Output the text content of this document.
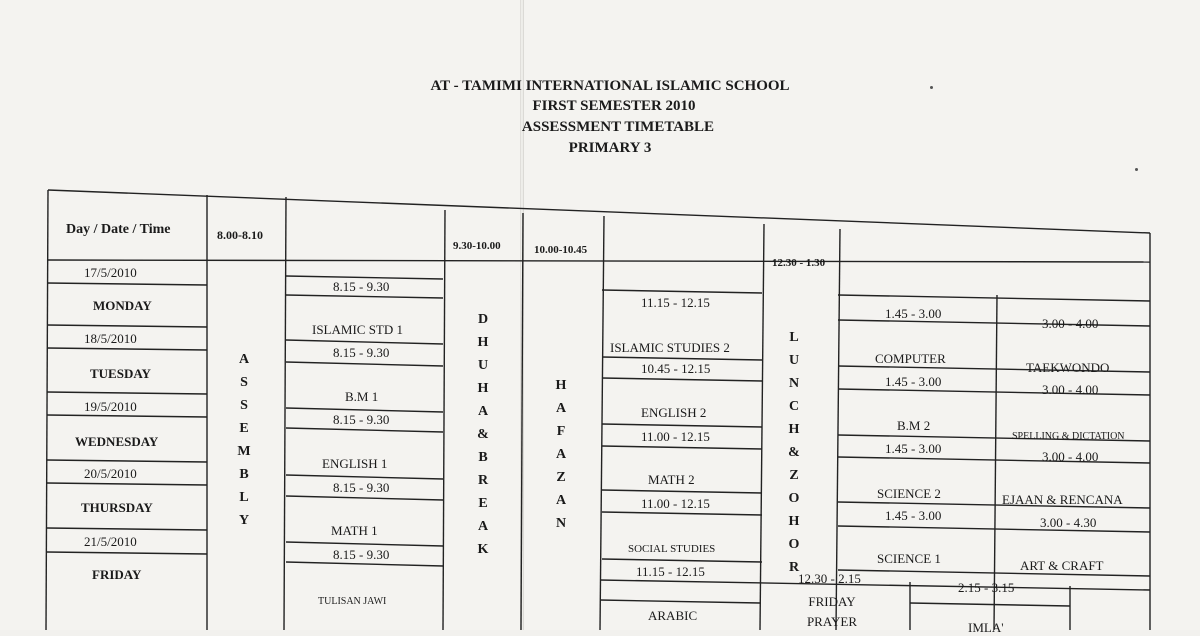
AT - TAMIMI INTERNATIONAL ISLAMIC SCHOOL
FIRST SEMESTER 2010
ASSESSMENT TIMETABLE
PRIMARY 3
Day / Date / Time	8.00-8.10
9.30-10.00	10.00-10.45
12.30 - 1.30
A
S
S
E
M
B
L
Y
D
H
U
H
A
&
B
R
E
A
K
H
A
F
A
Z
A
N
L
U
N
C
H
&
Z
O
H
O
R
17/5/2010
MONDAY
8.15 - 9.30
ISLAMIC STD 1
11.15 - 12.15
ISLAMIC STUDIES 2
1.45 - 3.00
COMPUTER
3.00 - 4.00
TAEKWONDO
18/5/2010
TUESDAY
8.15 - 9.30
B.M 1
10.45 - 12.15
ENGLISH 2
1.45 - 3.00
B.M 2
3.00 - 4.00
SPELLING & DICTATION
19/5/2010
WEDNESDAY
8.15 - 9.30
ENGLISH 1
11.00 - 12.15
MATH 2
1.45 - 3.00
SCIENCE 2
3.00 - 4.00
EJAAN & RENCANA
20/5/2010
THURSDAY
8.15 - 9.30
MATH 1
11.00 - 12.15
SOCIAL STUDIES
1.45 - 3.00
SCIENCE 1
3.00 - 4.30
ART & CRAFT
21/5/2010
FRIDAY
8.15 - 9.30
TULISAN JAWI
11.15 - 12.15
ARABIC
12.30 - 2.15
FRIDAY PRAYER
2.15 - 3.15
IMLA'
